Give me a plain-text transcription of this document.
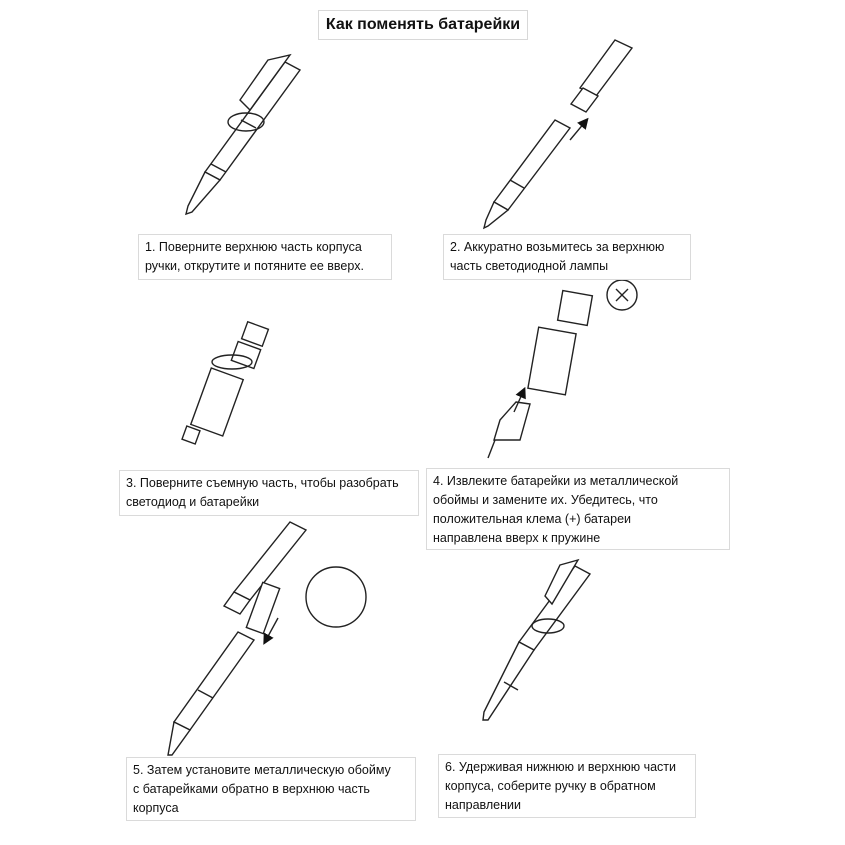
Как поменять батарейки
1. Поверните верхнюю часть корпуса
ручки, открутите и потяните ее вверх.
2. Аккуратно возьмитесь за верхнюю
часть светодиодной лампы
3. Поверните съемную часть, чтобы разобрать
светодиод и батарейки
4. Извлеките батарейки из металлической
обоймы и замените их. Убедитесь, что
положительная клема (+) батареи
направлена вверх к пружине
5. Затем установите металлическую обойму
с батарейками обратно в верхнюю часть
корпуса
6. Удерживая нижнюю и верхнюю части
корпуса, соберите ручку в обратном
направлении
